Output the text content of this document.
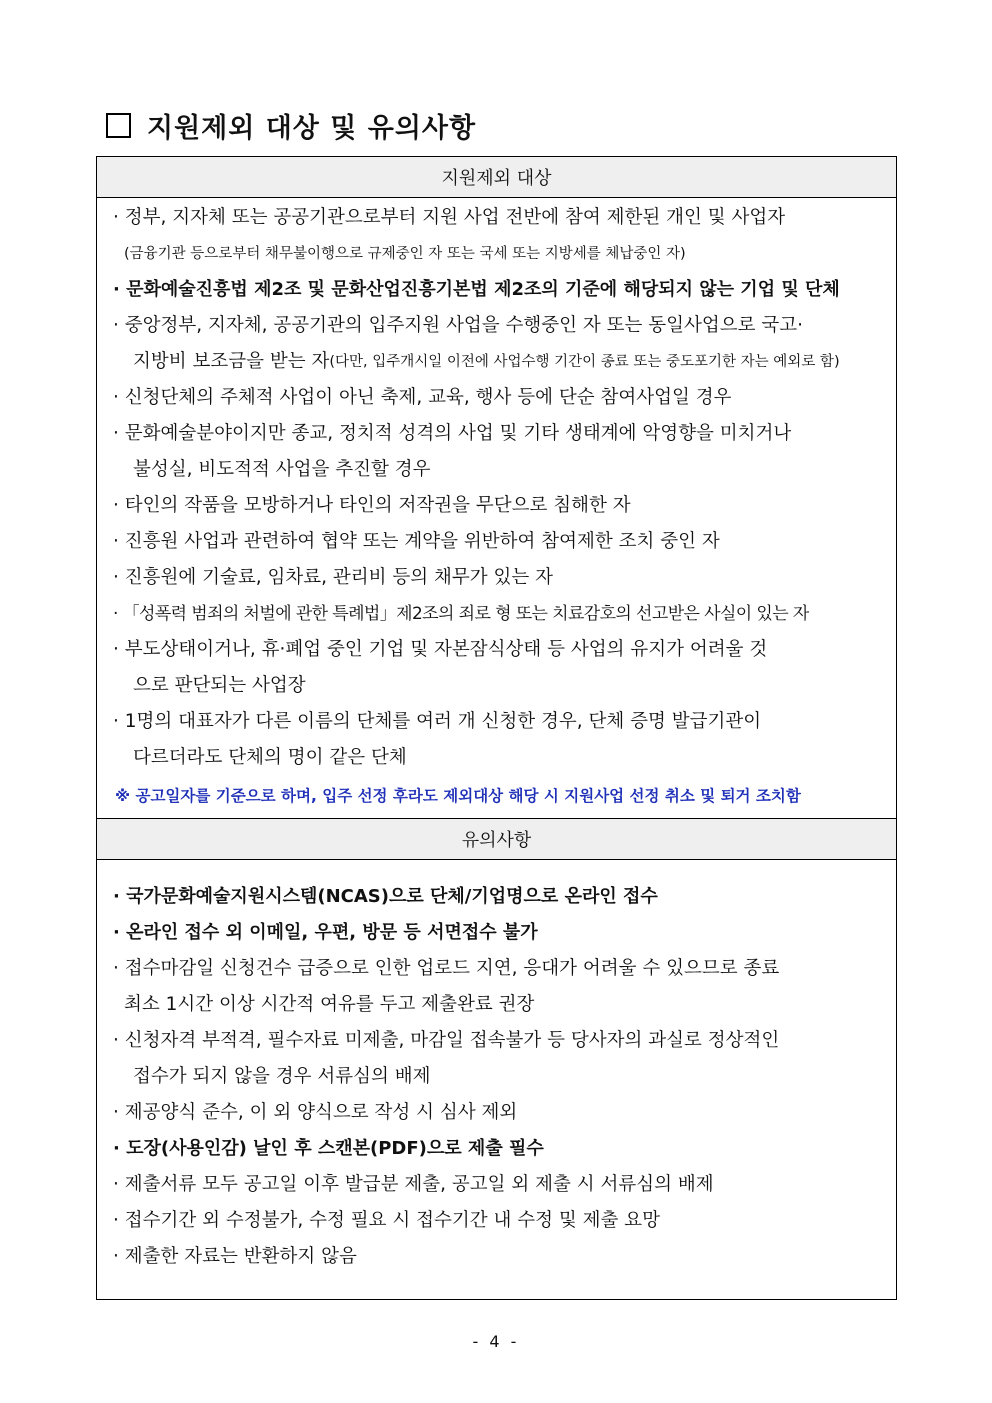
지원제외 대상 및 유의사항
지원제외 대상
· 정부, 지자체 또는 공공기관으로부터 지원 사업 전반에 참여 제한된 개인 및 사업자
(금융기관 등으로부터 채무불이행으로 규제중인 자 또는 국세 또는 지방세를 체납중인 자)
· 문화예술진흥법 제2조 및 문화산업진흥기본법 제2조의 기준에 해당되지 않는 기업 및 단체
· 중앙정부, 지자체, 공공기관의 입주지원 사업을 수행중인 자 또는 동일사업으로 국고·
지방비 보조금을 받는 자 (다만, 입주개시일 이전에 사업수행 기간이 종료 또는 중도포기한 자는 예외로 함)
· 신청단체의 주체적 사업이 아닌 축제, 교육, 행사 등에 단순 참여사업일 경우
· 문화예술분야이지만 종교, 정치적 성격의 사업 및 기타 생태계에 악영향을 미치거나
불성실, 비도적적 사업을 추진할 경우
· 타인의 작품을 모방하거나 타인의 저작권을 무단으로 침해한 자
· 진흥원 사업과 관련하여 협약 또는 계약을 위반하여 참여제한 조치 중인 자
· 진흥원에 기술료, 임차료, 관리비 등의 채무가 있는 자
· 「성폭력 범죄의 처벌에 관한 특례법」제2조의 죄로 형 또는 치료감호의 선고받은 사실이 있는 자
· 부도상태이거나, 휴·폐업 중인 기업 및 자본잠식상태 등 사업의 유지가 어려울 것
으로 판단되는 사업장
· 1명의 대표자가 다른 이름의 단체를 여러 개 신청한 경우, 단체 증명 발급기관이
다르더라도 단체의 명이 같은 단체
※ 공고일자를 기준으로 하며, 입주 선정 후라도 제외대상 해당 시 지원사업 선정 취소 및 퇴거 조치함
유의사항
· 국가문화예술지원시스템(NCAS)으로 단체/기업명으로 온라인 접수
· 온라인 접수 외 이메일, 우편, 방문 등 서면접수 불가
· 접수마감일 신청건수 급증으로 인한 업로드 지연, 응대가 어려울 수 있으므로 종료
최소 1시간 이상 시간적 여유를 두고 제출완료 권장
· 신청자격 부적격, 필수자료 미제출, 마감일 접속불가 등 당사자의 과실로 정상적인
접수가 되지 않을 경우 서류심의 배제
· 제공양식 준수, 이 외 양식으로 작성 시 심사 제외
· 도장(사용인감) 날인 후 스캔본(PDF)으로 제출 필수
· 제출서류 모두 공고일 이후 발급분 제출, 공고일 외 제출 시 서류심의 배제
· 접수기간 외 수정불가, 수정 필요 시 접수기간 내 수정 및 제출 요망
· 제출한 자료는 반환하지 않음
- 4 -
